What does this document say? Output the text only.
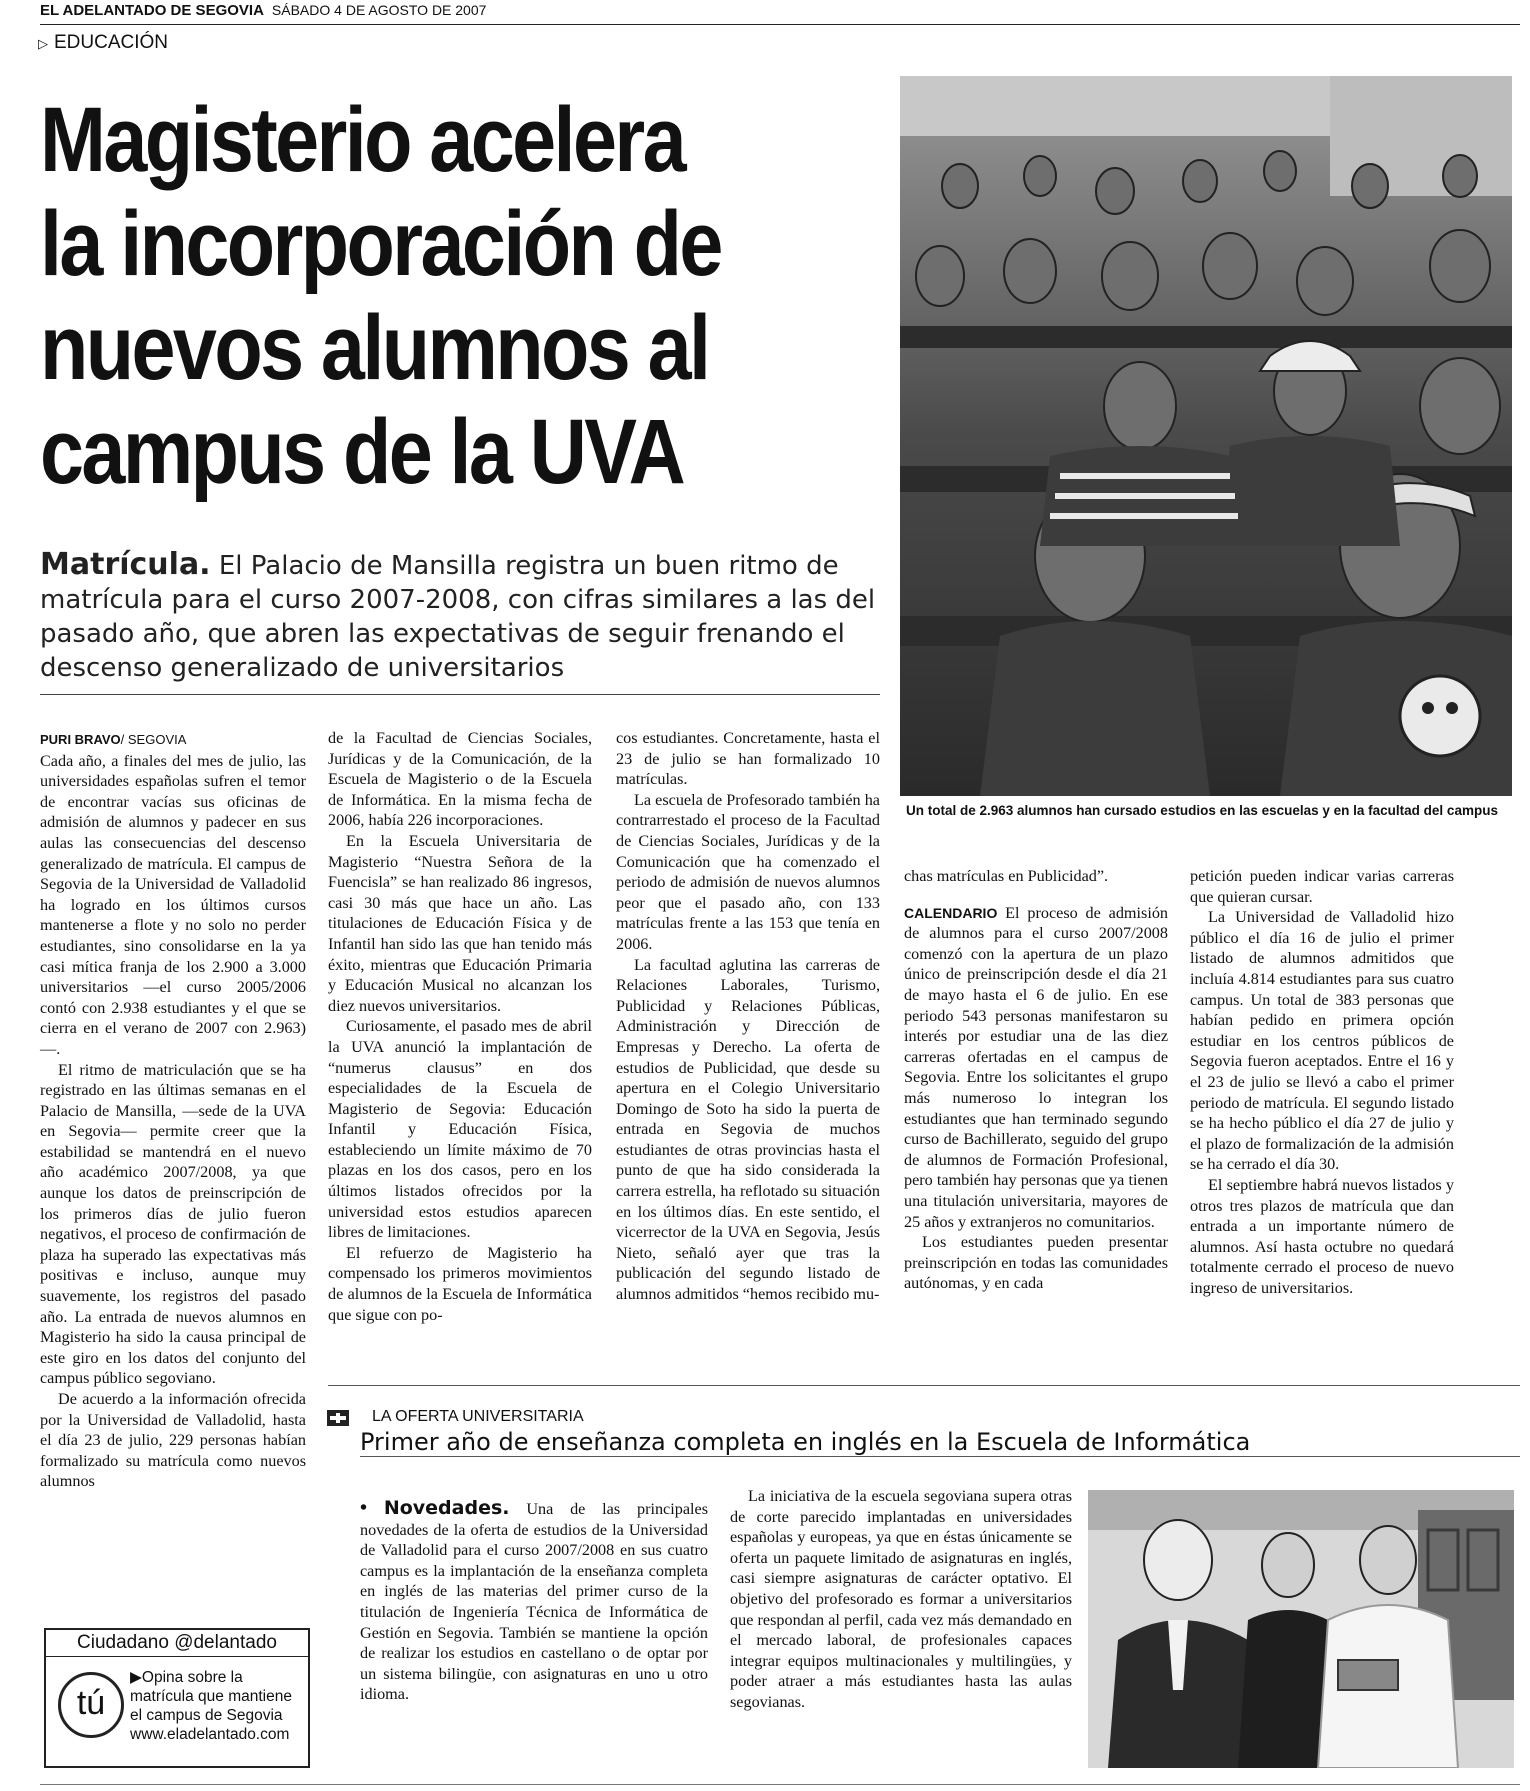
EL ADELANTADO DE SEGOVIA SÁBADO 4 DE AGOSTO DE 2007
▷ EDUCACIÓN
Magisterio acelera
la incorporación de
nuevos alumnos al
campus de la UVA
Matrícula. El Palacio de Mansilla registra un buen ritmo de matrícula para el curso 2007-2008, con cifras similares a las del pasado año, que abren las expectativas de seguir frenando el descenso generalizado de universitarios
Un total de 2.963 alumnos han cursado estudios en las escuelas y en la facultad del campus
PURI BRAVO/ SEGOVIA

Cada año, a finales del mes de julio, las universidades españolas sufren el temor de encontrar vacías sus oficinas de admisión de alumnos y padecer en sus aulas las consecuencias del descenso generalizado de matrícula. El campus de Segovia de la Universidad de Valladolid ha logrado en los últimos cursos mantenerse a flote y no solo no perder estudiantes, sino consolidarse en la ya casi mítica franja de los 2.900 a 3.000 universitarios —el curso 2005/2006 contó con 2.938 estudiantes y el que se cierra en el verano de 2007 con 2.963)—.

El ritmo de matriculación que se ha registrado en las últimas semanas en el Palacio de Mansilla, —sede de la UVA en Segovia— permite creer que la estabilidad se mantendrá en el nuevo año académico 2007/2008, ya que aunque los datos de preinscripción de los primeros días de julio fueron negativos, el proceso de confirmación de plaza ha superado las expectativas más positivas e incluso, aunque muy suavemente, los registros del pasado año. La entrada de nuevos alumnos en Magisterio ha sido la causa principal de este giro en los datos del conjunto del campus público segoviano.

De acuerdo a la información ofrecida por la Universidad de Valladolid, hasta el día 23 de julio, 229 personas habían formalizado su matrícula como nuevos alumnos

de la Facultad de Ciencias Sociales, Jurídicas y de la Comunicación, de la Escuela de Magisterio o de la Escuela de Informática. En la misma fecha de 2006, había 226 incorporaciones.

En la Escuela Universitaria de Magisterio “Nuestra Señora de la Fuencisla” se han realizado 86 ingresos, casi 30 más que hace un año. Las titulaciones de Educación Física y de Infantil han sido las que han tenido más éxito, mientras que Educación Primaria y Educación Musical no alcanzan los diez nuevos universitarios.

Curiosamente, el pasado mes de abril la UVA anunció la implantación de “numerus clausus” en dos especialidades de la Escuela de Magisterio de Segovia: Educación Infantil y Educación Física, estableciendo un límite máximo de 70 plazas en los dos casos, pero en los últimos listados ofrecidos por la universidad estos estudios aparecen libres de limitaciones.

El refuerzo de Magisterio ha compensado los primeros movimientos de alumnos de la Escuela de Informática que sigue con po-

cos estudiantes. Concretamente, hasta el 23 de julio se han formalizado 10 matrículas.

La escuela de Profesorado también ha contrarrestado el proceso de la Facultad de Ciencias Sociales, Jurídicas y de la Comunicación que ha comenzado el periodo de admisión de nuevos alumnos peor que el pasado año, con 133 matrículas frente a las 153 que tenía en 2006.

La facultad aglutina las carreras de Relaciones Laborales, Turismo, Publicidad y Relaciones Públicas, Administración y Dirección de Empresas y Derecho. La oferta de estudios de Publicidad, que desde su apertura en el Colegio Universitario Domingo de Soto ha sido la puerta de entrada en Segovia de muchos estudiantes de otras provincias hasta el punto de que ha sido considerada la carrera estrella, ha reflotado su situación en los últimos días. En este sentido, el vicerrector de la UVA en Segovia, Jesús Nieto, señaló ayer que tras la publicación del segundo listado de alumnos admitidos “hemos recibido mu-

chas matrículas en Publicidad”.

CALENDARIO El proceso de admisión de alumnos para el curso 2007/2008 comenzó con la apertura de un plazo único de preinscripción desde el día 21 de mayo hasta el 6 de julio. En ese periodo 543 personas manifestaron su interés por estudiar una de las diez carreras ofertadas en el campus de Segovia. Entre los solicitantes el grupo más numeroso lo integran los estudiantes que han terminado segundo curso de Bachillerato, seguido del grupo de alumnos de Formación Profesional, pero también hay personas que ya tienen una titulación universitaria, mayores de 25 años y extranjeros no comunitarios.

Los estudiantes pueden presentar preinscripción en todas las comunidades autónomas, y en cada

petición pueden indicar varias carreras que quieran cursar.

La Universidad de Valladolid hizo público el día 16 de julio el primer listado de alumnos admitidos que incluía 4.814 estudiantes para sus cuatro campus. Un total de 383 personas que habían pedido en primera opción estudiar en los centros públicos de Segovia fueron aceptados. Entre el 16 y el 23 de julio se llevó a cabo el primer periodo de matrícula. El segundo listado se ha hecho público el día 27 de julio y el plazo de formalización de la admisión se ha cerrado el día 30.

El septiembre habrá nuevos listados y otros tres plazos de matrícula que dan entrada a un importante número de alumnos. Así hasta octubre no quedará totalmente cerrado el proceso de nuevo ingreso de universitarios.

Ciudadano @delantado
tú
▶Opina sobre la matrícula que mantiene el campus de Segovia
www.eladelantado.com
LA OFERTA UNIVERSITARIA
Primer año de enseñanza completa en inglés en la Escuela de Informática

• Novedades. Una de las principales novedades de la oferta de estudios de la Universidad de Valladolid para el curso 2007/2008 en sus cuatro campus es la implantación de la enseñanza completa en inglés de las materias del primer curso de la titulación de Ingeniería Técnica de Informática de Gestión en Segovia. También se mantiene la opción de realizar los estudios en castellano o de optar por un sistema bilingüe, con asignaturas en uno u otro idioma.

La iniciativa de la escuela segoviana supera otras de corte parecido implantadas en universidades españolas y europeas, ya que en éstas únicamente se oferta un paquete limitado de asignaturas en inglés, casi siempre asignaturas de carácter optativo. El objetivo del profesorado es formar a universitarios que respondan al perfil, cada vez más demandado en el mercado laboral, de profesionales capaces integrar equipos multinacionales y multilingües, y poder atraer a más estudiantes hasta las aulas segovianas.
